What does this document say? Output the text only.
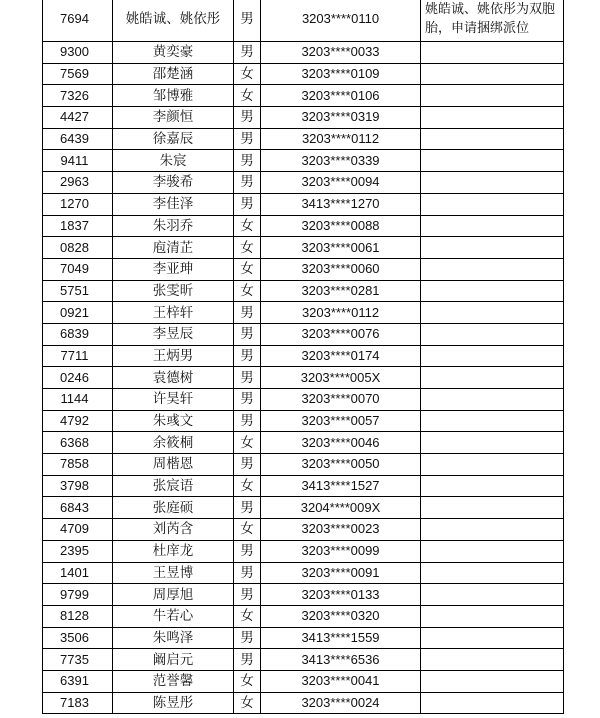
7694	姚皓诚、姚依彤	男	3203****0110	姚皓诚、姚依彤为双胞胎，申请捆绑派位
9300	黄奕豪	男	3203****0033	
7569	邵楚涵	女	3203****0109	
7326	邹博雅	女	3203****0106	
4427	李颜恒	男	3203****0319	
6439	徐嘉辰	男	3203****0112	
9411	朱宸	男	3203****0339	
2963	李骏希	男	3203****0094	
1270	李佳泽	男	3413****1270	
1837	朱羽乔	女	3203****0088	
0828	庖清芷	女	3203****0061	
7049	李亚珅	女	3203****0060	
5751	张雯昕	女	3203****0281	
0921	王梓轩	男	3203****0112	
6839	李昱辰	男	3203****0076	
7711	王炳男	男	3203****0174	
0246	袁德树	男	3203****005X	
1144	许昊轩	男	3203****0070	
4792	朱彧文	男	3203****0057	
6368	余筱桐	女	3203****0046	
7858	周楷恩	男	3203****0050	
3798	张宸语	女	3413****1527	
6843	张庭硕	男	3204****009X	
4709	刘芮含	女	3203****0023	
2395	杜庠龙	男	3203****0099	
1401	王昱博	男	3203****0091	
9799	周厚旭	男	3203****0133	
8128	牛若心	女	3203****0320	
3506	朱鸣泽	男	3413****1559	
7735	阚启元	男	3413****6536	
6391	范誉馨	女	3203****0041	
7183	陈昱彤	女	3203****0024	
